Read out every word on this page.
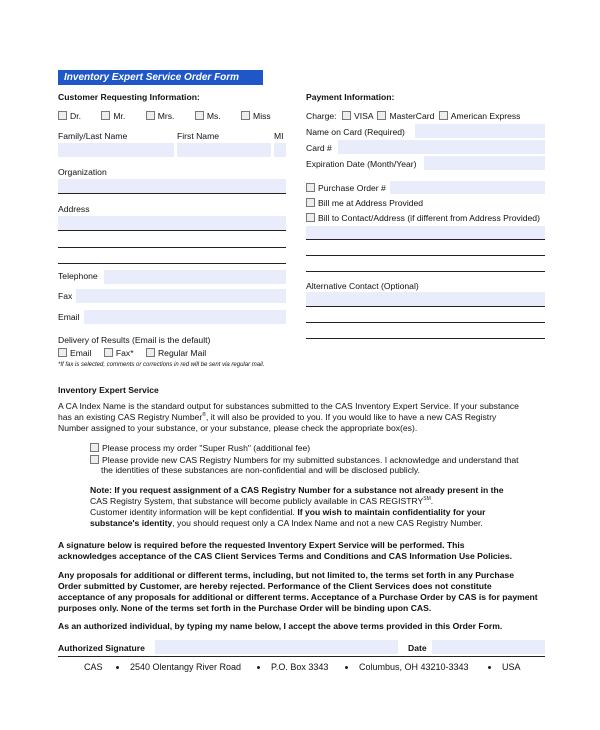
Inventory Expert Service Order Form
Customer Requesting Information:
Dr.	Mr.	Mrs.	Ms.	Miss
Family/Last Name	First Name	MI
Organization
Address
Telephone
Fax
Email
Delivery of Results (Email is the default)
Email	Fax*	Regular Mail
*If fax is selected, comments or corrections in red will be sent via regular mail.
Payment Information:
Charge: VISA MasterCard American Express
Name on Card (Required)
Card #
Expiration Date (Month/Year)
Purchase Order #
Bill me at Address Provided
Bill to Contact/Address (if different from Address Provided)
Alternative Contact (Optional)
Inventory Expert Service
A CA Index Name is the standard output for substances submitted to the CAS Inventory Expert Service. If your substance
has an existing CAS Registry Number®, it will also be provided to you. If you would like to have a new CAS Registry
Number assigned to your substance, or your substance, please check the appropriate box(es).
Please process my order "Super Rush" (additional fee)
Please provide new CAS Registry Numbers for my submitted substances. I acknowledge and understand that
the identities of these substances are non-confidential and will be disclosed publicly.
Note: If you request assignment of a CAS Registry Number for a substance not already present in the
CAS Registry System, that substance will become publicly available in CAS REGISTRY℠.
Customer identity information will be kept confidential. If you wish to maintain confidentiality for your
substance's identity, you should request only a CA Index Name and not a new CAS Registry Number.
A signature below is required before the requested Inventory Expert Service will be performed. This
acknowledges acceptance of the CAS Client Services Terms and Conditions and CAS Information Use Policies.
Any proposals for additional or different terms, including, but not limited to, the terms set forth in any Purchase
Order submitted by Customer, are hereby rejected. Performance of the Client Services does not constitute
acceptance of any proposals for additional or different terms. Acceptance of a Purchase Order by CAS is for payment
purposes only. None of the terms set forth in the Purchase Order will be binding upon CAS.
As an authorized individual, by typing my name below, I accept the above terms provided in this Order Form.
Authorized Signature	Date
CAS	2540 Olentangy River Road	P.O. Box 3343	Columbus, OH 43210-3343	USA
